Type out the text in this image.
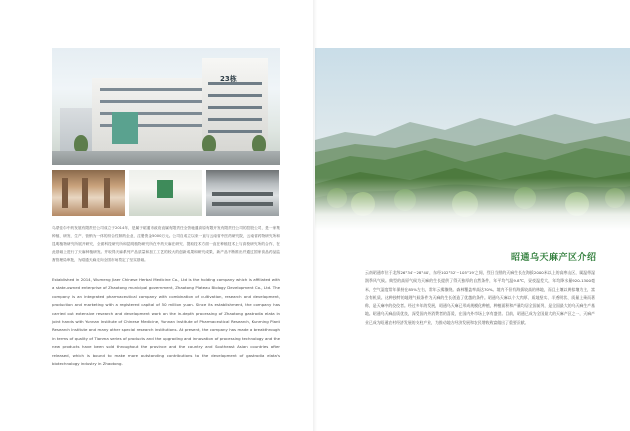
23栋

乌蒙佳尔中药发展有限责任公司成立于2014年，是属于昭通市政府直属有限责任全资驰通高原有限开发有限责任公司的控股公司，是一家集种植、研发、生产、营销为一体的综合性制药企业，注册资金5000万元。公司自成立以来一直与云南省中医药研究院，云南省药物研究所和昆明植物研究所展开研究，全面科技研究所和昆明植物研究所在中药天麻在研究、提取技术方面一直在种植技术上与高校研究所的合作，在此基础上进行了天麻种植研发。并取得天麻系列产品质量和加工工艺的较大的创新成果和研究成果，新产品不断推出并通过国家食品药品监督管理局审批，为昭通天麻走向全国市场奠定了坚实基础。

Established in 2014, Wumeng Jiaer Chinese Herbal Medicine Co., Ltd is the holding company which is affiliated with a state-owned enterprise of Zhaotong municipal government, Zhaotong Plateau Biology Development Co., Ltd. The company is an integrated pharmaceutical company with combination of cultivation, research and development, production and marketing with a registered capital of 50 million yuan. Since its establishment, the company has carried out extensive research and development work on the in-depth processing of Zhaotong gastrodia elata in joint hands with Yunnan Institute of Chinese Medicine, Yunnan Institute of Pharmaceutical Research, Kunming Plant Research Institute and many other special research institutions. At present, the company has made a breakthrough in terms of quality of Tianma series of products and the upgrading and innovation of processing technology and the new products have been sold throughout the province and the country and Southeast Asian countries after released, which is bound to make more outstanding contributions to the development of gastrodia elata's biotechnology industry in Zhaotong.

昭通乌天麻产区介绍

云南昭通市位于北纬26°34′~28°40′，东经102°52′~105°19′之间，烈日当照的天麻生长在海拔2000米以上的高寒山区，属温带湿润季风气候。典型的高原气候为天麻的生长提供了得天独厚的自然条件，年平均气温9.8℃，昼夜温差大，年均降水量920-1300毫米，空气湿度常年保持在85%左右，常年云雾缭绕。森林覆盖率高达70%。境内不但有海拔较高的林地，而且土壤以黄棕壤为主，富含有机质。这种独特的地理气候条件为天麻的生长创造了优越的条件。昭通乌天麻以个大肉厚、质地坚实、半透明状、质量上乘而著称，是天麻中的佼佼者。经过多年的发展，昭通乌天麻已形成规模化种植，种植面积和产量均居全国前列，是全国最大的乌天麻生产基地。昭通乌天麻品质优良，深受国内外消费者的喜爱，在国内外市场上享有盛誉。目前，昭通已成为全国最大的天麻产区之一，天麻产业已成为昭通农村经济发展的支柱产业，为推动地方经济发展和农民增收致富做出了重要贡献。
